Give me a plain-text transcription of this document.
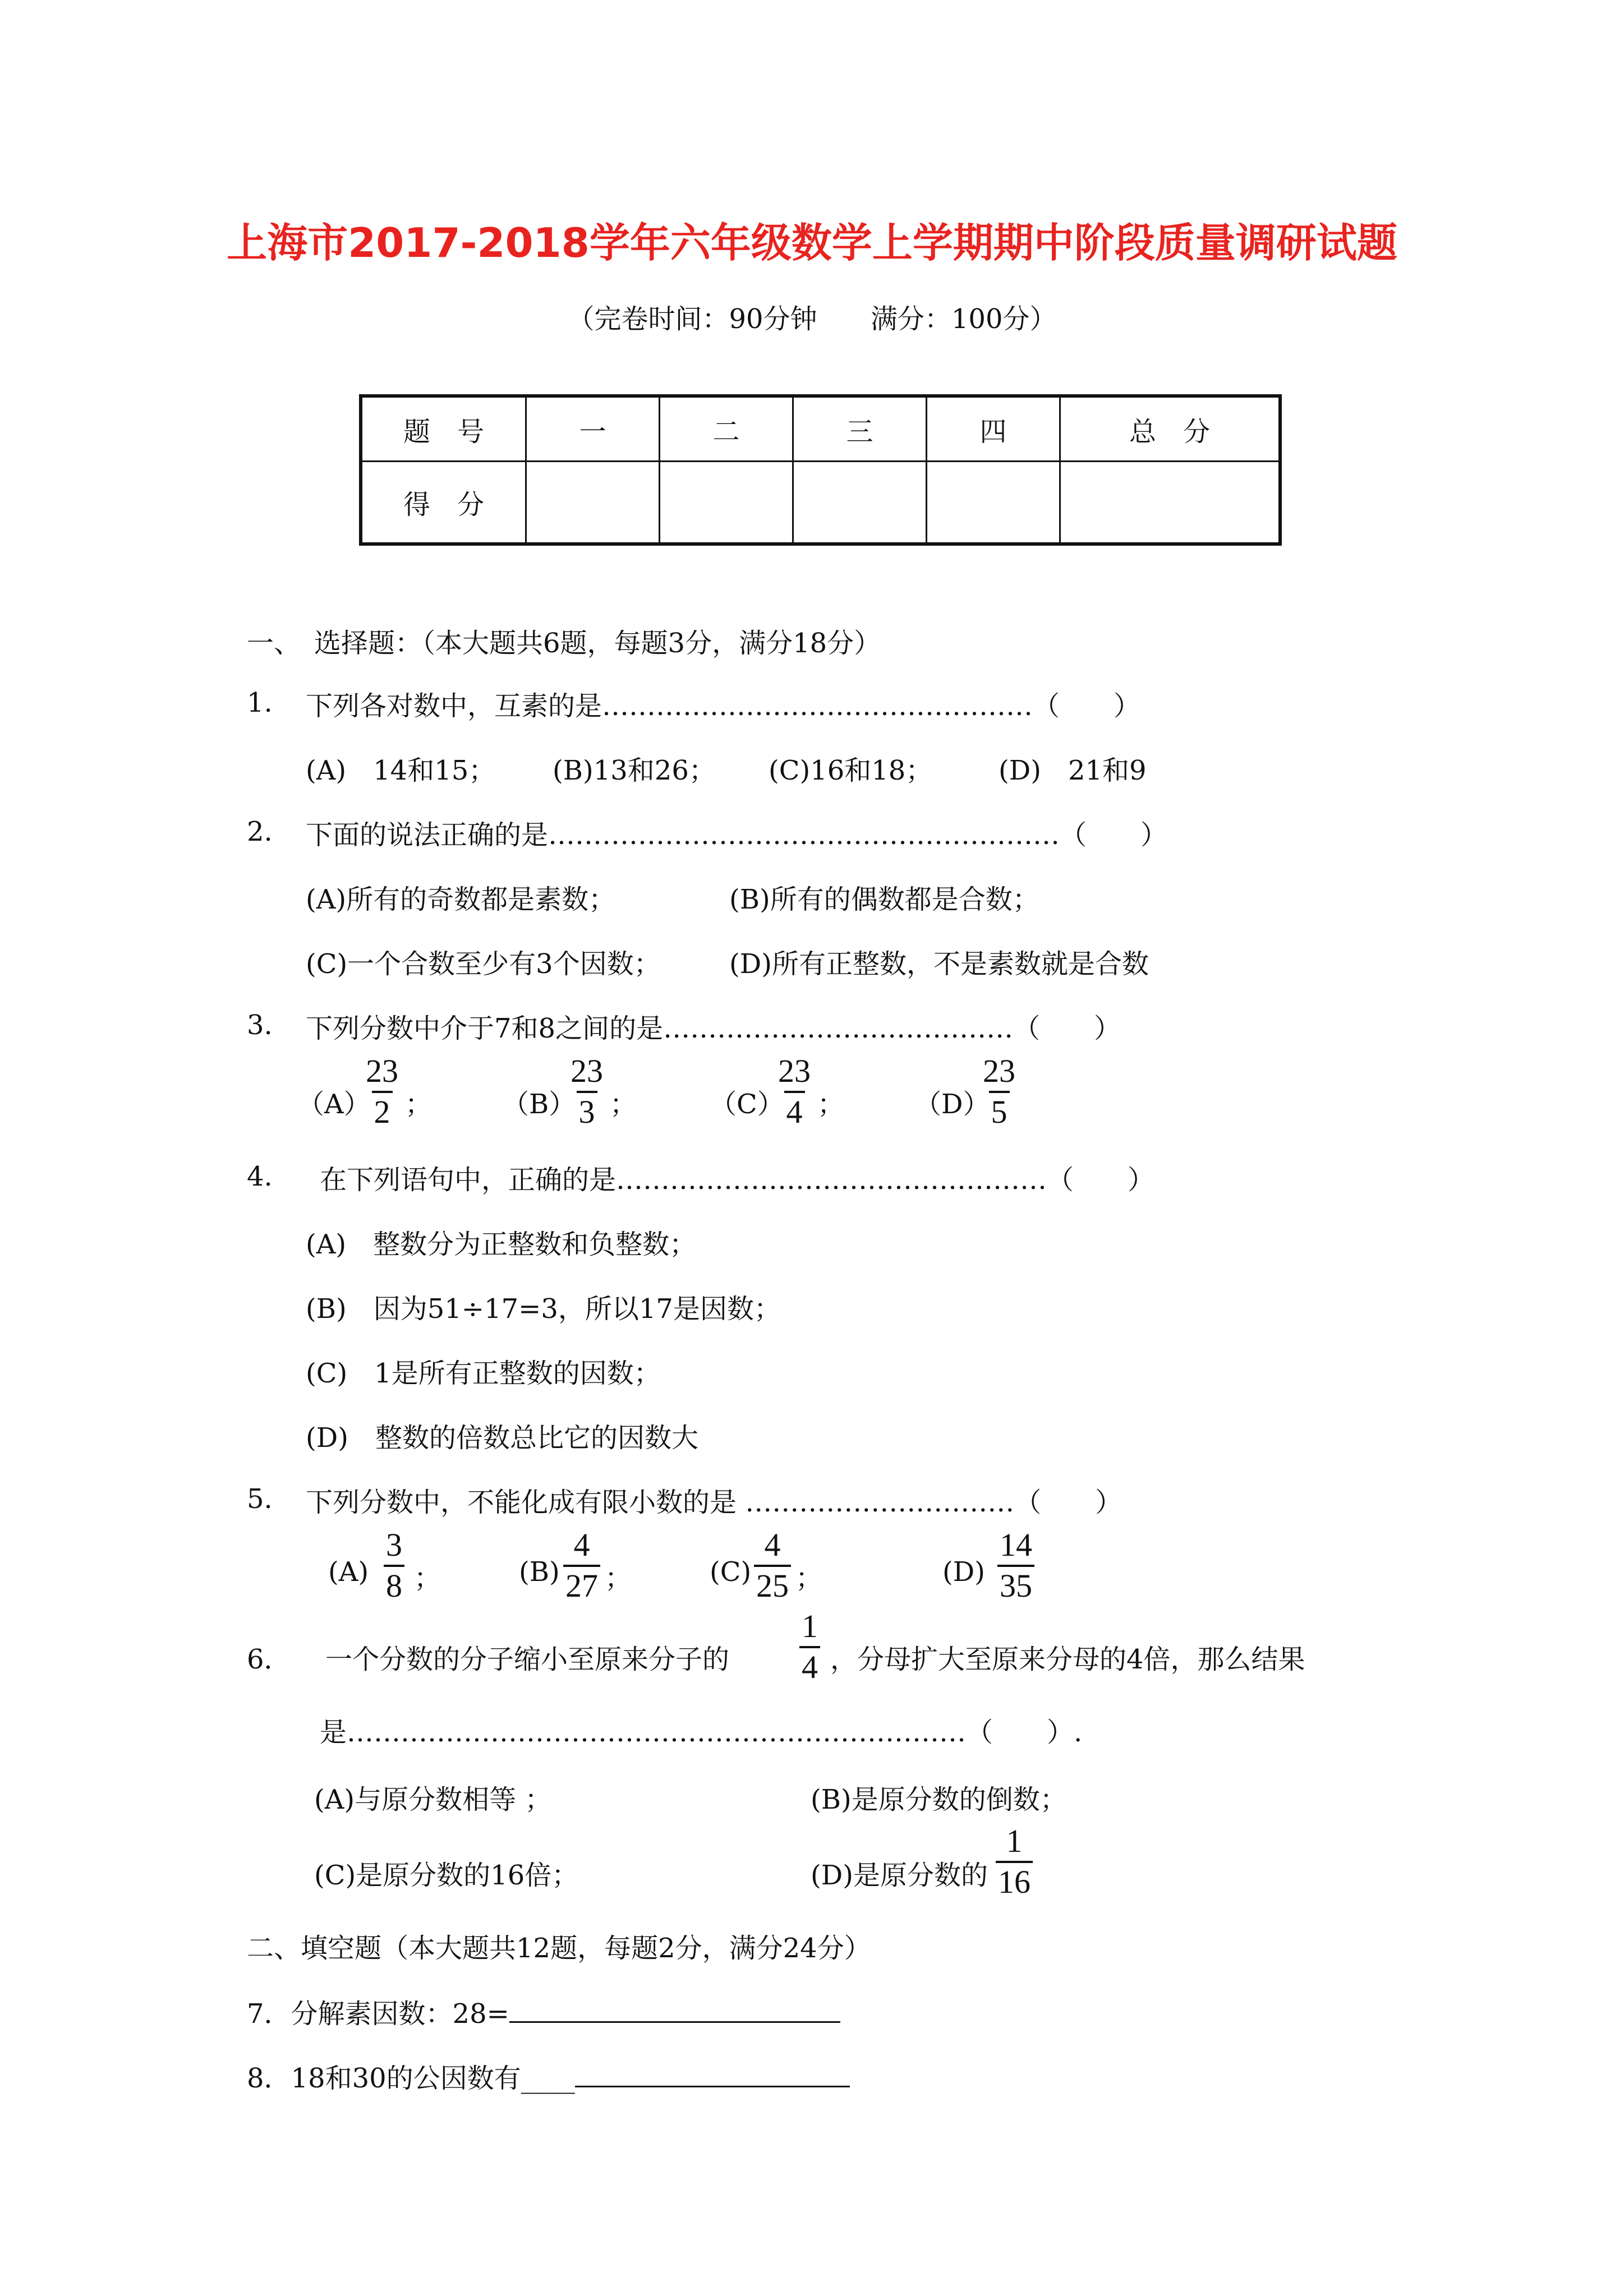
上海市2017-2018学年六年级数学上学期期中阶段质量调研试题
（完卷时间：90分钟 满分：100分）
题　号	一	二	三	四	总　分
得　分					
一、　选择题：（本大题共6题，每题3分，满分18分）
1. 下列各对数中，互素的是…………………………………………（　　）
(A)　14和15； (B)13和26； (C)16和18； (D)　21和9
2. 下面的说法正确的是…………………………………………………（　　）
(A)所有的奇数都是素数；	(B)所有的偶数都是合数；
(C)一个合数至少有3个因数；	(D)所有正整数，不是素数就是合数
3. 下列分数中介于7和8之间的是…………………………………（　　）
（A）
$\frac{23}{2}$ ；	（B）
$\frac{23}{3}$ ；	（C）
$\frac{23}{4}$ ；	（D）
$\frac{23}{5}$
4. 在下列语句中，正确的是…………………………………………（　　）
(A)　整数分为正整数和负整数；
(B)　因为51÷17=3，所以17是因数；
(C)　1是所有正整数的因数；
(D)　整数的倍数总比它的因数大
5. 下列分数中，不能化成有限小数的是 …………………………（　　）
$(A) \frac{3}{8}$ ；	$(B) \frac{4}{27}$ ；	$(C) \frac{4}{25}$ ；	$(D) \frac{14}{35}$
6． 一个分数的分子缩小至原来分子的 $\frac{1}{4}$ ，分母扩大至原来分母的4倍，那么结果
是……………………………………………………………（　　）.
(A)与原分数相等 ；	(B)是原分数的倒数；
(C)是原分数的16倍；	(D)是原分数的 $\frac{1}{16}$
二、填空题（本大题共12题，每题2分，满分24分）
7．分解素因数：28=
8．18和30的公因数有____
